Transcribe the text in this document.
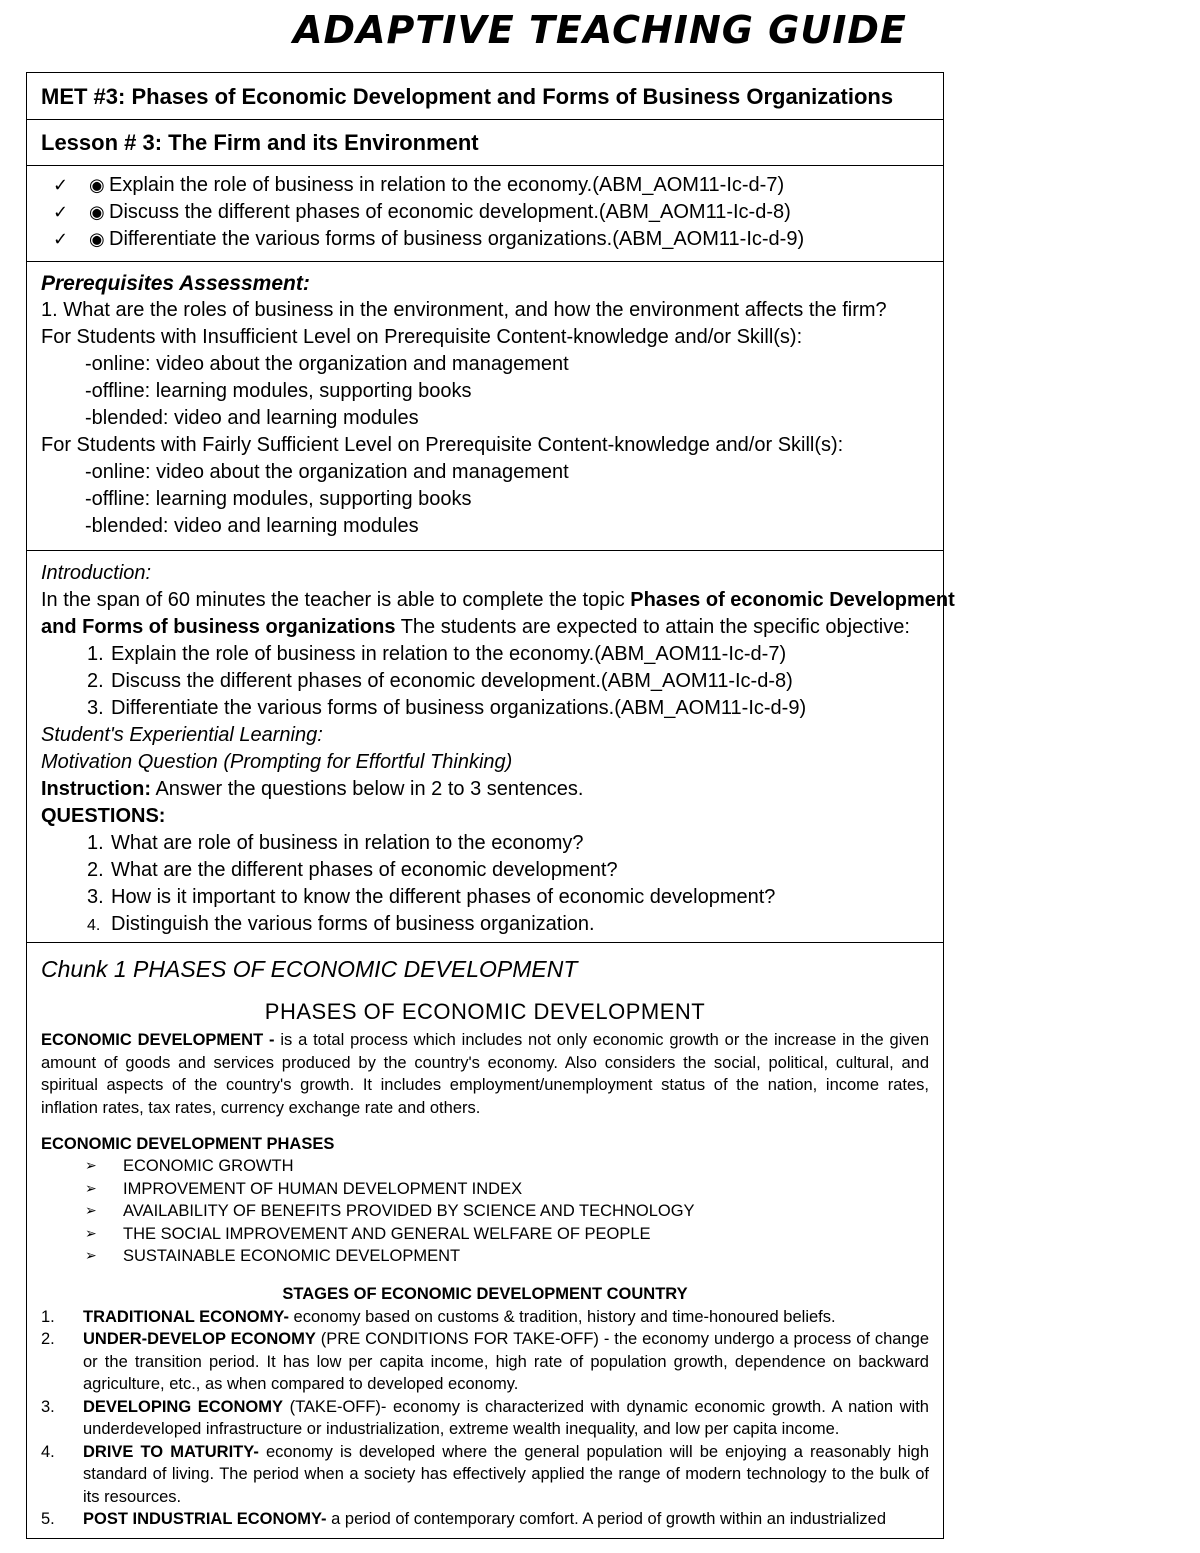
ADAPTIVE TEACHING GUIDE
MET #3: Phases of Economic Development and Forms of Business Organizations
Lesson # 3: The Firm and its Environment
✓	◉ Explain the role of business in relation to the economy.(ABM_AOM11-Ic-d-7)
✓	◉ Discuss the different phases of economic development.(ABM_AOM11-Ic-d-8)
✓	◉ Differentiate the various forms of business organizations.(ABM_AOM11-Ic-d-9)
Prerequisites Assessment:
1. What are the roles of business in the environment, and how the environment affects the firm?
For Students with Insufficient Level on Prerequisite Content-knowledge and/or Skill(s):
-online: video about the organization and management
-offline: learning modules, supporting books
-blended: video and learning modules
For Students with Fairly Sufficient Level on Prerequisite Content-knowledge and/or Skill(s):
-online: video about the organization and management
-offline: learning modules, supporting books
-blended: video and learning modules
Introduction:
In the span of 60 minutes the teacher is able to complete the topic Phases of economic Development
and Forms of business organizations The students are expected to attain the specific objective:
1. Explain the role of business in relation to the economy.(ABM_AOM11-Ic-d-7)
2. Discuss the different phases of economic development.(ABM_AOM11-Ic-d-8)
3. Differentiate the various forms of business organizations.(ABM_AOM11-Ic-d-9)
Student's Experiential Learning:
Motivation Question (Prompting for Effortful Thinking)
Instruction: Answer the questions below in 2 to 3 sentences.
QUESTIONS:
1. What are role of business in relation to the economy?
2. What are the different phases of economic development?
3. How is it important to know the different phases of economic development?
4. Distinguish the various forms of business organization.
Chunk 1 PHASES OF ECONOMIC DEVELOPMENT
PHASES OF ECONOMIC DEVELOPMENT
ECONOMIC DEVELOPMENT - is a total process which includes not only economic growth or the increase in the given amount of goods and services produced by the country's economy. Also considers the social, political, cultural, and spiritual aspects of the country's growth. It includes employment/unemployment status of the nation, income rates, inflation rates, tax rates, currency exchange rate and others.
ECONOMIC DEVELOPMENT PHASES
➢	ECONOMIC GROWTH
➢	IMPROVEMENT OF HUMAN DEVELOPMENT INDEX
➢	AVAILABILITY OF BENEFITS PROVIDED BY SCIENCE AND TECHNOLOGY
➢	THE SOCIAL IMPROVEMENT AND GENERAL WELFARE OF PEOPLE
➢	SUSTAINABLE ECONOMIC DEVELOPMENT
STAGES OF ECONOMIC DEVELOPMENT COUNTRY
1.	TRADITIONAL ECONOMY- economy based on customs & tradition, history and time-honoured beliefs.
2.	UNDER-DEVELOP ECONOMY (PRE CONDITIONS FOR TAKE-OFF) - the economy undergo a process of change or the transition period. It has low per capita income, high rate of population growth, dependence on backward agriculture, etc., as when compared to developed economy.
3.	DEVELOPING ECONOMY (TAKE-OFF)- economy is characterized with dynamic economic growth. A nation with underdeveloped infrastructure or industrialization, extreme wealth inequality, and low per capita income.
4.	DRIVE TO MATURITY- economy is developed where the general population will be enjoying a reasonably high standard of living. The period when a society has effectively applied the range of modern technology to the bulk of its resources.
5.	POST INDUSTRIAL ECONOMY- a period of contemporary comfort. A period of growth within an industrialized
